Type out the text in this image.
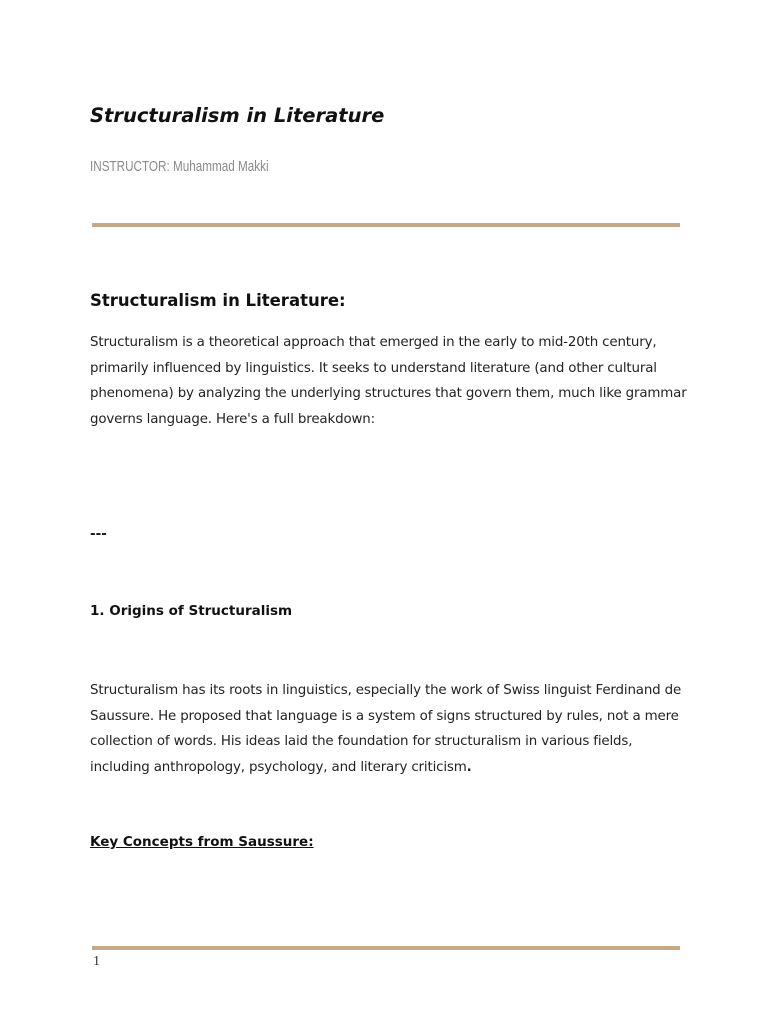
Structuralism in Literature
INSTRUCTOR: Muhammad Makki
Structuralism in Literature:
Structuralism is a theoretical approach that emerged in the early to mid-20th century, primarily influenced by linguistics. It seeks to understand literature (and other cultural phenomena) by analyzing the underlying structures that govern them, much like grammar governs language. Here's a full breakdown:
---
1. Origins of Structuralism
Structuralism has its roots in linguistics, especially the work of Swiss linguist Ferdinand de Saussure. He proposed that language is a system of signs structured by rules, not a mere collection of words. His ideas laid the foundation for structuralism in various fields, including anthropology, psychology, and literary criticism.
Key Concepts from Saussure:
1
